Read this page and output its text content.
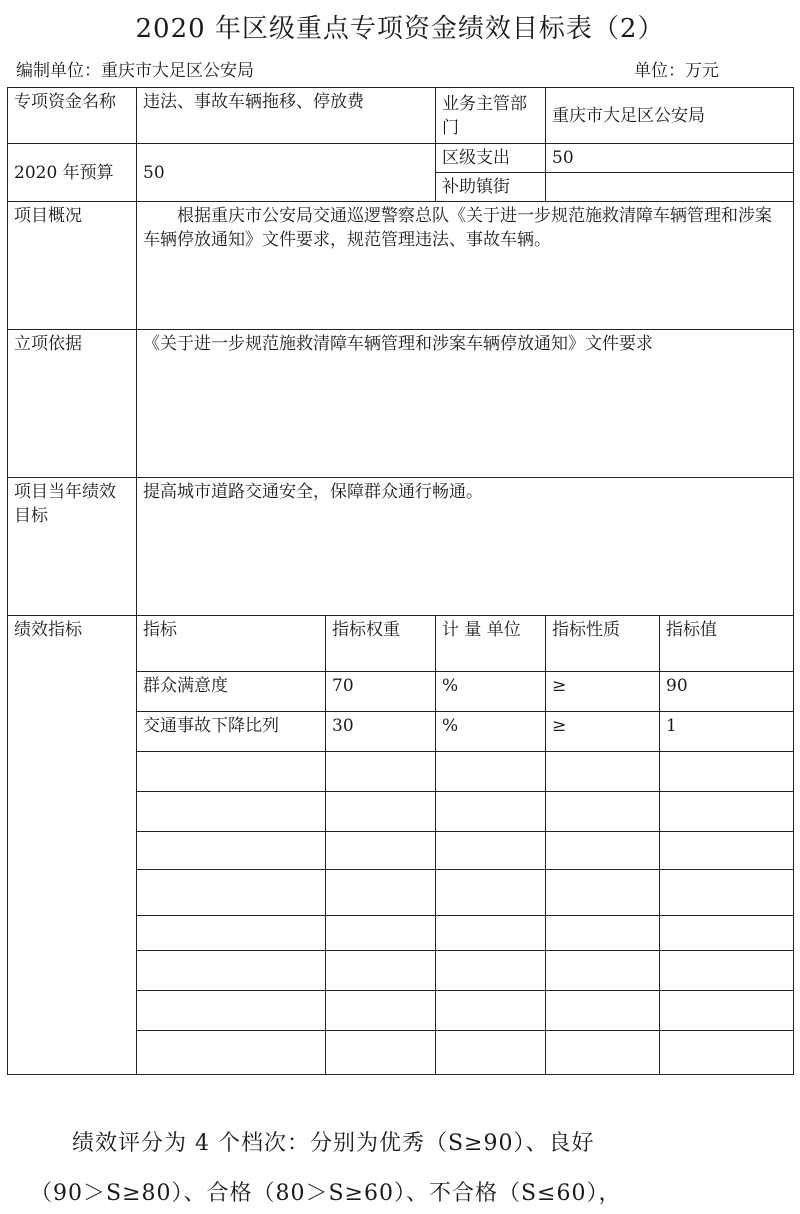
2020 年区级重点专项资金绩效目标表（2）
编制单位：重庆市大足区公安局	单位：万元
专项资金名称	违法、事故车辆拖移、停放费		业务主管部门	重庆市大足区公安局	
2020 年预算	50		区级支出	50	
			补助镇街		
项目概况	根据重庆市公安局交通巡逻警察总队《关于进一步规范施救清障车辆管理和涉案车辆停放通知》文件要求，规范管理违法、事故车辆。				
立项依据	《关于进一步规范施救清障车辆管理和涉案车辆停放通知》文件要求				
项目当年绩效目标	提高城市道路交通安全，保障群众通行畅通。				
绩效指标	指标	指标权重	计 量 单位	指标性质	指标值
	群众满意度	70	%	≥	90
	交通事故下降比列	30	%	≥	1

绩效评分为 4 个档次：分别为优秀（S≥90）、良好
（90＞S≥80）、合格（80＞S≥60）、不合格（S≤60），
